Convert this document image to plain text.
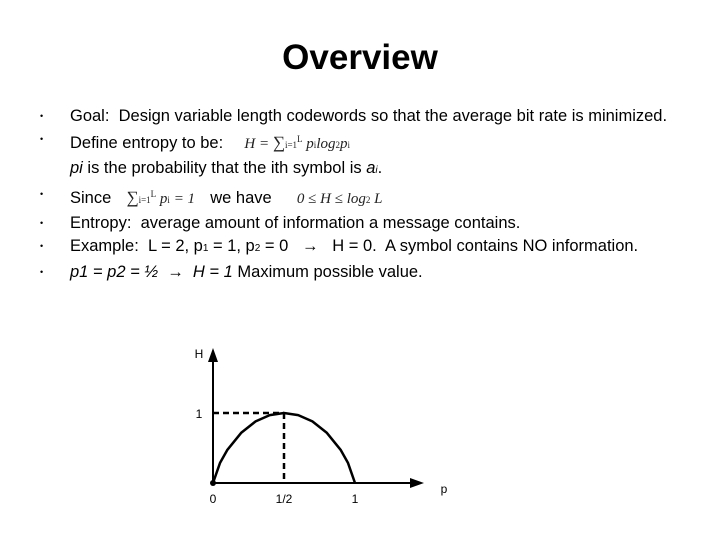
Overview
•	Goal:  Design variable length codewords so that the average bit rate is minimized.
•	Define entropy to be: $H = \sum i=1^L$ pilog2pi
pi is the probability that the ith symbol is ai.
•	Since $\sum i=1^L$ pi = 1 we have 0 ≤ H ≤ log2 L
•	Entropy:  average amount of information a message contains.
•	Example:  L = 2, p1 = 1, p2 = 0   →   H = 0.  A symbol contains NO information.
•	p1 = p2 = ½  →  H = 1 Maximum possible value.
H
p
1
0	1/2	1
